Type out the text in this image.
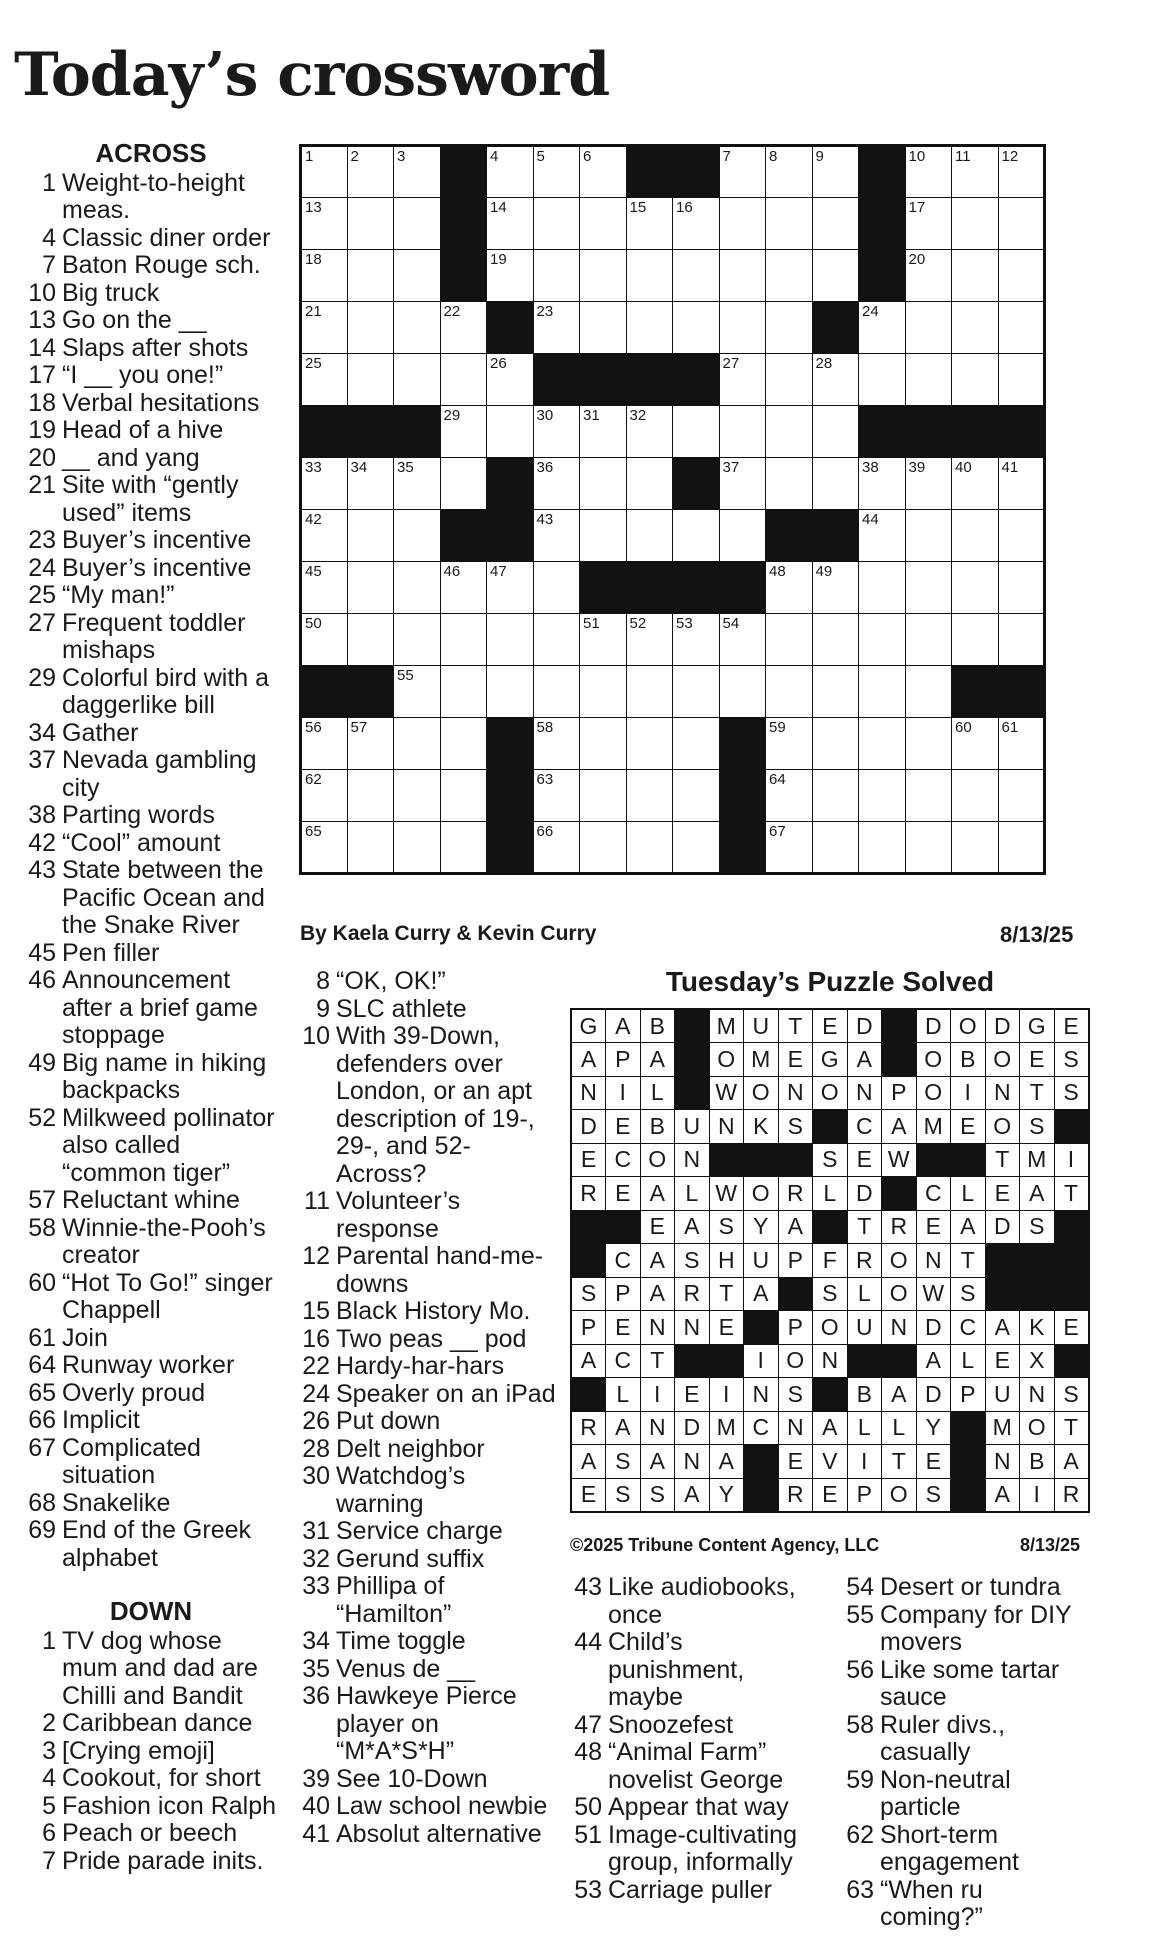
Today’s crossword
ACROSS
1 Weight-to-height meas.
4 Classic diner order
7 Baton Rouge sch.
10 Big truck
13 Go on the __
14 Slaps after shots
17 “I __ you one!”
18 Verbal hesitations
19 Head of a hive
20 __ and yang
21 Site with “gently used” items
23 Buyer’s incentive
24 Buyer’s incentive
25 “My man!”
27 Frequent toddler mishaps
29 Colorful bird with a daggerlike bill
34 Gather
37 Nevada gambling city
38 Parting words
42 “Cool” amount
43 State between the Pacific Ocean and the Snake River
45 Pen filler
46 Announcement after a brief game stoppage
49 Big name in hiking backpacks
52 Milkweed pollinator also called “common tiger”
57 Reluctant whine
58 Winnie-the-Pooh’s creator
60 “Hot To Go!” singer Chappell
61 Join
64 Runway worker
65 Overly proud
66 Implicit
67 Complicated situation
68 Snakelike
69 End of the Greek alphabet
DOWN
1 TV dog whose mum and dad are Chilli and Bandit
2 Caribbean dance
3 [Crying emoji]
4 Cookout, for short
5 Fashion icon Ralph
6 Peach or beech
7 Pride parade inits.
1	2	3		4	5	6			7	8	9		10	11	12

13				14			15	16					17		

18				19									20		

21			22		23							24			

25				26					27		28				

			29		30	31	32								

33	34	35			36				37			38	39	40	41

42					43							44			

45			46	47						48	49				

50						51	52	53	54						

		55													

56	57				58					59				60	61

62					63					64					

65					66					67					

By Kaela Curry & Kevin Curry	8/13/25
8 “OK, OK!”
9 SLC athlete
10 With 39-Down, defenders over London, or an apt description of 19-, 29-, and 52-Across?
11 Volunteer’s response
12 Parental hand-me-downs
15 Black History Mo.
16 Two peas __ pod
22 Hardy-har-hars
24 Speaker on an iPad
26 Put down
28 Delt neighbor
30 Watchdog’s warning
31 Service charge
32 Gerund suffix
33 Phillipa of “Hamilton”
34 Time toggle
35 Venus de __
36 Hawkeye Pierce player on “M*A*S*H”
39 See 10-Down
40 Law school newbie
41 Absolut alternative
Tuesday’s Puzzle Solved
G	A	B		M	U	T	E	D		D	O	D	G	E
A	P	A		O	M	E	G	A		O	B	O	E	S
N	I	L		W	O	N	O	N	P	O	I	N	T	S
D	E	B	U	N	K	S		C	A	M	E	O	S	
E	C	O	N				S	E	W			T	M	I
R	E	A	L	W	O	R	L	D		C	L	E	A	T
		E	A	S	Y	A		T	R	E	A	D	S	
	C	A	S	H	U	P	F	R	O	N	T			
S	P	A	R	T	A		S	L	O	W	S			
P	E	N	N	E		P	O	U	N	D	C	A	K	E
A	C	T			I	O	N			A	L	E	X	
	L	I	E	I	N	S		B	A	D	P	U	N	S
R	A	N	D	M	C	N	A	L	L	Y		M	O	T
A	S	A	N	A		E	V	I	T	E		N	B	A
E	S	S	A	Y		R	E	P	O	S		A	I	R
©2025 Tribune Content Agency, LLC	8/13/25
43 Like audiobooks, once
44 Child’s punishment, maybe
47 Snoozefest
48 “Animal Farm” novelist George
50 Appear that way
51 Image-cultivating group, informally
53 Carriage puller
54 Desert or tundra
55 Company for DIY movers
56 Like some tartar sauce
58 Ruler divs., casually
59 Non-neutral particle
62 Short-term engagement
63 “When ru coming?”
